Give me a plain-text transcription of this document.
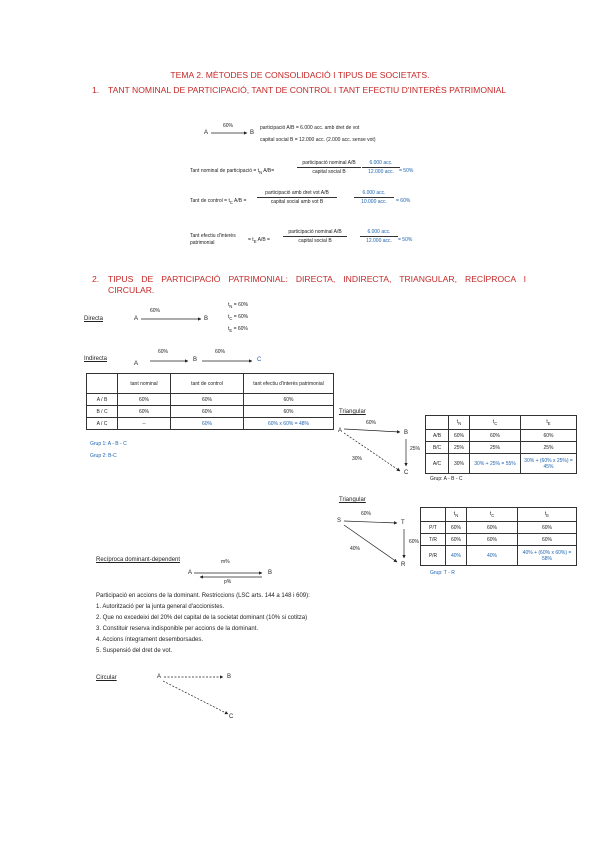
TEMA 2. MÈTODES DE CONSOLIDACIÓ I TIPUS DE SOCIETATS.
1. TANT NOMINAL DE PARTICIPACIÓ, TANT DE CONTROL I TANT EFECTIU D'INTERÈS PATRIMONIAL
A
60%
B
participació A/B = 6.000 acc. amb dret de vot
capital social B = 12.000 acc. (2.000 acc. sense vot)
Tant nominal de participació = $t_N$ A/B=
participació nominal A/B
capital social B
6.000 acc.
12.000 acc.	= 50%
Tant de control = $t_C$ A/B =
participació amb dret vot A/B
capital social amb vot B
6.000 acc.
10.000 acc.	= 60%
Tant efectiu d'interès
patrimonial	= $t_E$ A/B =
participació nominal A/B
capital social B
6.000 acc.
12.000 acc.	= 50%
2. TIPUS DE PARTICIPACIÓ PATRIMONIAL: DIRECTA, INDIRECTA, TRIANGULAR, RECÍPROCA I CIRCULAR.
Directa	A
60%
B
$t_N = 60\%$
$t_C = 60\%$
$t_E = 60\%$
Indirecta
A
60%
B
60%
C
	tant nominal	tant de control	tant efectiu d'interès patrimonial
A / B	60%	60%	60%
B / C	60%	60%	60%
A / C	--	60%	60% x 60% = 48%
Grup 1: A - B - C
Grup 2: B-C
Triangular
A
60%
B
30%
25%
C
	$t_N$	$t_C$	$t_E$
A/B	60%	60%	60%
B/C	25%	25%	25%
A/C	30%	30% + 25% = 55%	30% + (60% x 25%) = 45%
Grup: A - B - C
Triangular
S
60%
T
40%
60%
R
	$t_N$	$t_C$	$t_E$
P/T	60%	60%	60%
T/R	60%	60%	60%
P/R	40%	40%	40% + (60% x 60%) = 58%
Grup: T - R
Recíproca dominant-dependent	m%
A	B
p%
Participació en accions de la dominant. Restriccions (LSC arts. 144 a 148 i 609):
1. Autorització per la junta general d'accionistes.
2. Que no excedeixi del 20% del capital de la societat dominant (10% si cotitza)
3. Constituir reserva indisponible per accions de la dominant.
4. Accions íntegrament desemborsades.
5. Suspensió del dret de vot.
Circular	A	B
C
